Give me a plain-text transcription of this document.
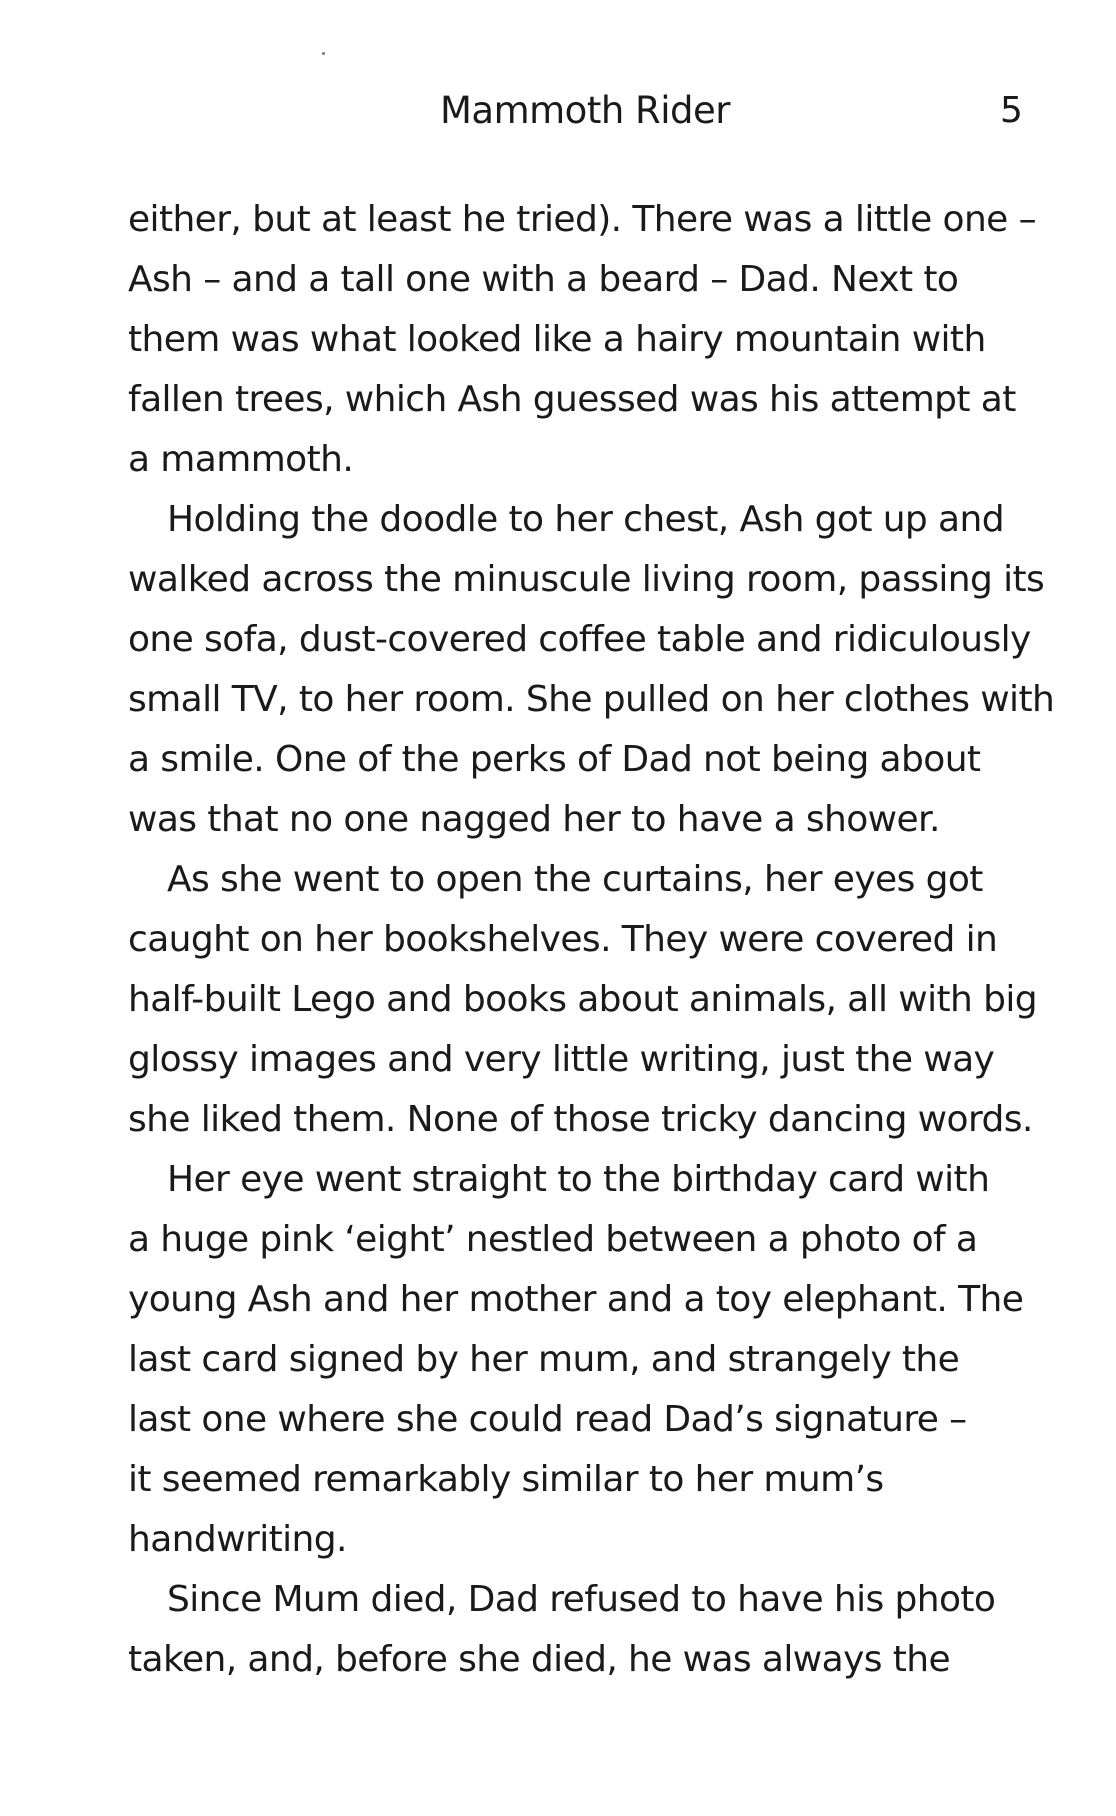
Mammoth Rider	5
either, but at least he tried). There was a little one –
Ash – and a tall one with a beard – Dad. Next to
them was what looked like a hairy mountain with
fallen trees, which Ash guessed was his attempt at
a mammoth.
Holding the doodle to her chest, Ash got up and
walked across the minuscule living room, passing its
one sofa, dust-covered coffee table and ridiculously
small TV, to her room. She pulled on her clothes with
a smile. One of the perks of Dad not being about
was that no one nagged her to have a shower.
As she went to open the curtains, her eyes got
caught on her bookshelves. They were covered in
half-built Lego and books about animals, all with big
glossy images and very little writing, just the way
she liked them. None of those tricky dancing words.
Her eye went straight to the birthday card with
a huge pink ‘eight’ nestled between a photo of a
young Ash and her mother and a toy elephant. The
last card signed by her mum, and strangely the
last one where she could read Dad’s signature –
it seemed remarkably similar to her mum’s
handwriting.
Since Mum died, Dad refused to have his photo
taken, and, before she died, he was always the
